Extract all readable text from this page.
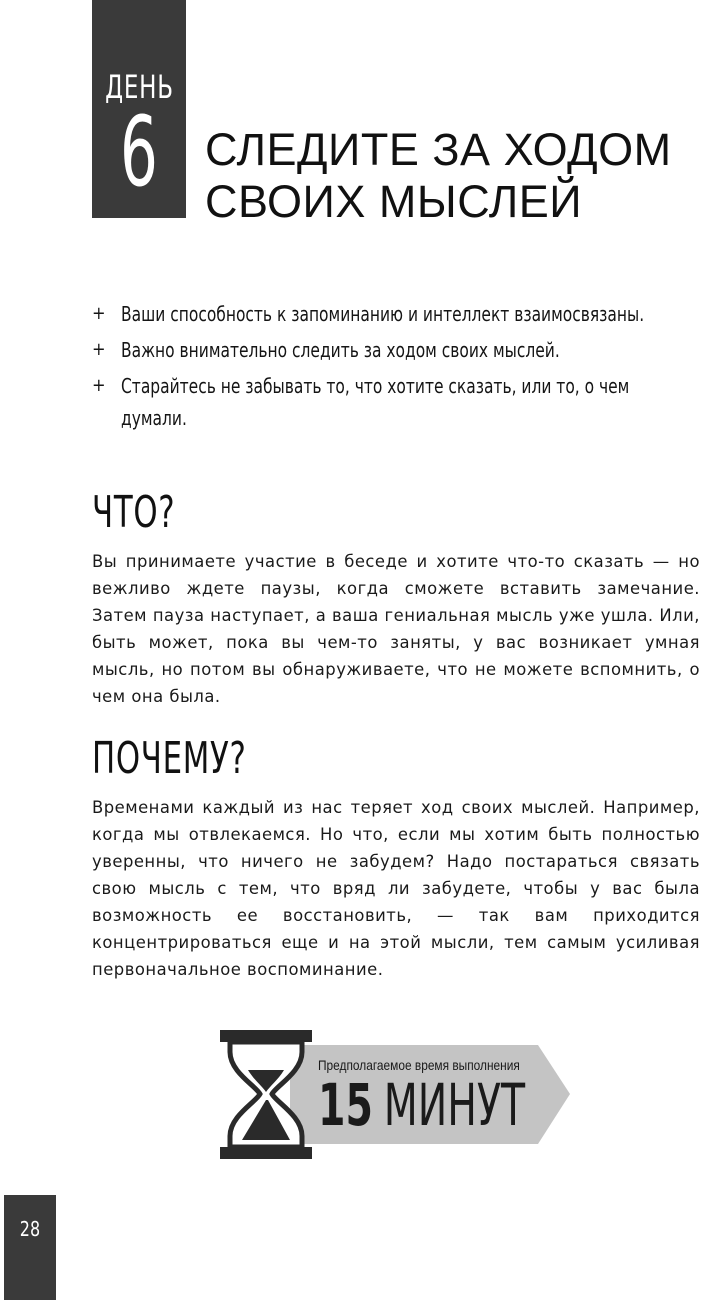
ДЕНЬ
6 СЛЕДИТЕ ЗА ХОДОМ
СВОИХ МЫСЛЕЙ
+ Ваши способность к запоминанию и интеллект взаимосвязаны.
+ Важно внимательно следить за ходом своих мыслей.
+ Старайтесь не забывать то, что хотите сказать, или то, о чем думали.
ЧТО?

Вы принимаете участие в беседе и хотите что-то сказать — но вежливо ждете паузы, когда сможете вставить замечание. Затем пауза наступает, а ваша гениальная мысль уже ушла. Или, быть может, пока вы чем-то заняты, у вас возникает умная мысль, но потом вы обнаруживаете, что не можете вспомнить, о чем она была.

ПОЧЕМУ?

Временами каждый из нас теряет ход своих мыслей. Например, когда мы отвлекаемся. Но что, если мы хотим быть полностью уверенны, что ничего не забудем? Надо постараться связать свою мысль с тем, что вряд ли забудете, чтобы у вас была возможность ее восстановить, — так вам приходится концентрироваться еще и на этой мысли, тем самым усиливая первоначальное воспоминание.

Предполагаемое время выполнения
15 МИНУТ
28
